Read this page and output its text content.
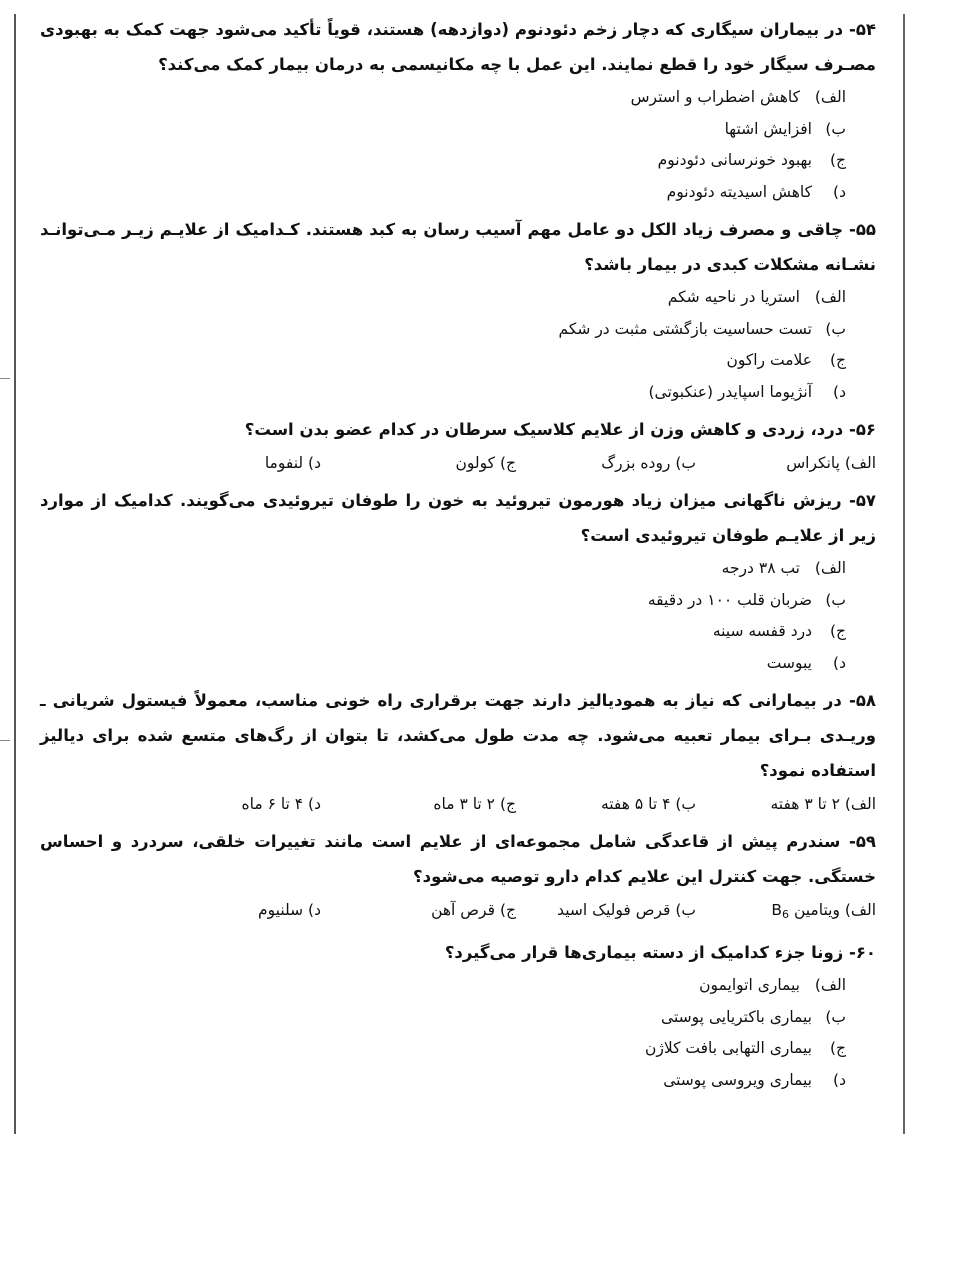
۵۴- در بیماران سیگاری که دچار زخم دئودنوم (دوازدهه) هستند، قویاً تأکید می‌شود جهت کمک به بهبودی مصـرف سیگار خود را قطع نمایند. این عمل با چه مکانیسمی به درمان بیمار کمک می‌کند؟
الف)
کاهش اضطراب و استرس
ب)
افزایش اشتها
ج)
بهبود خونرسانی دئودنوم
د)
کاهش اسیدیته دئودنوم
۵۵- چاقی و مصرف زیاد الکل دو عامل مهم آسیب رسان به کبد هستند. کـدامیک از علایـم زیـر مـی‌توانـد نشـانه مشکلات کبدی در بیمار باشد؟
الف)
استریا در ناحیه شکم
ب)
تست حساسیت بازگشتی مثبت در شکم
ج)
علامت راکون
د)
آنژیوما اسپایدر (عنکبوتی)
۵۶- درد، زردی و کاهش وزن از علایم کلاسیک سرطان در کدام عضو بدن است؟
الف) پانکراس
ب) روده بزرگ
ج) کولون
د) لنفوما
۵۷- ریزش ناگهانی میزان زیاد هورمون تیروئید به خون را طوفان تیروئیدی می‌گویند. کدامیک از موارد زیر از علایـم طوفان تیروئیدی است؟
الف)
تب ۳۸ درجه
ب)
ضربان قلب ۱۰۰ در دقیقه
ج)
درد قفسه سینه
د)
یبوست
۵۸- در بیمارانی که نیاز به همودیالیز دارند جهت برقراری راه خونی مناسب، معمولاً فیستول شریانی ـ وریـدی بـرای بیمار تعبیه می‌شود. چه مدت طول می‌کشد، تا بتوان از رگ‌های متسع شده برای دیالیز استفاده نمود؟
الف) ۲ تا ۳ هفته
ب) ۴ تا ۵ هفته
ج) ۲ تا ۳ ماه
د) ۴ تا ۶ ماه
۵۹- سندرم پیش از قاعدگی شامل مجموعه‌ای از علایم است مانند تغییرات خلقی، سردرد و احساس خستگی. جهت کنترل این علایم کدام دارو توصیه می‌شود؟
الف) ویتامین $B_6$
ب) قرص فولیک اسید
ج) قرص آهن
د) سلنیوم
۶۰- زونا جزء کدامیک از دسته بیماری‌ها قرار می‌گیرد؟
الف)
بیماری اتوایمون
ب)
بیماری باکتریایی پوستی
ج)
بیماری التهابی بافت کلاژن
د)
بیماری ویروسی پوستی
